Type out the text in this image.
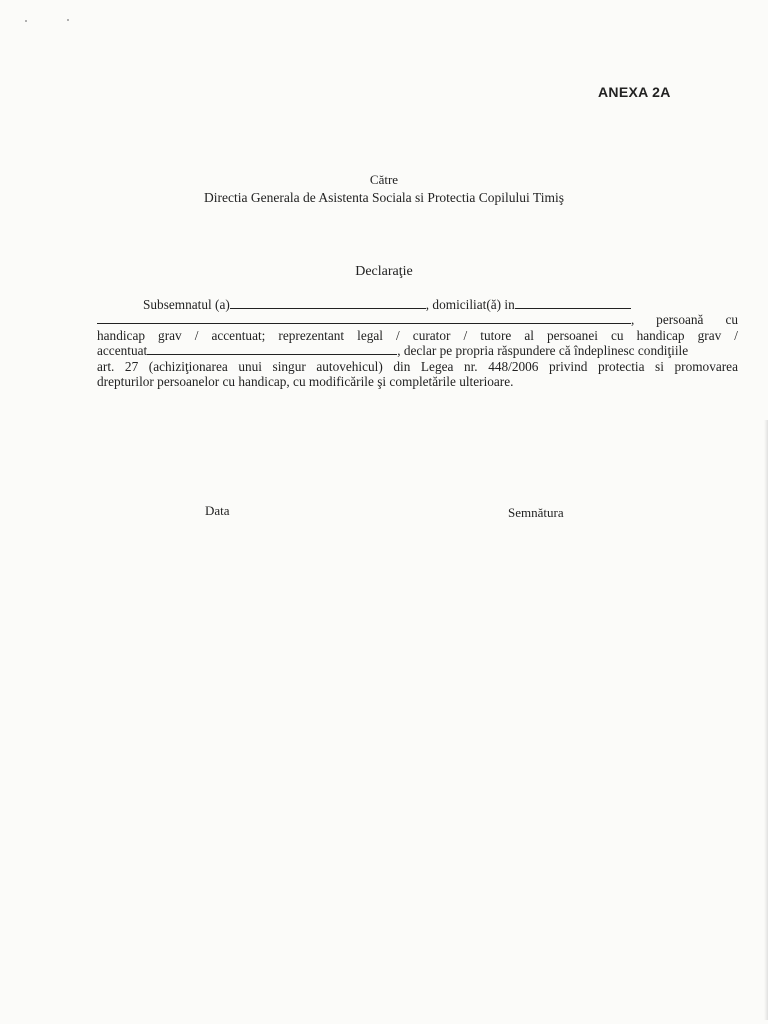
ANEXA 2A
Către
Directia Generala de Asistenta Sociala si Protectia Copilului Timiş
Declaraţie
Subsemnatul (a)	, domiciliat(ă) in
, persoană cu
handicap grav / accentuat; reprezentant legal / curator / tutore al persoanei cu handicap grav /
accentuat	, declar pe propria răspundere că îndeplinesc condiţiile
art. 27 (achiziţionarea unui singur autovehicul) din Legea nr. 448/2006 privind protectia si promovarea
drepturilor persoanelor cu handicap, cu modificările şi completările ulterioare.
Data	Semnătura
